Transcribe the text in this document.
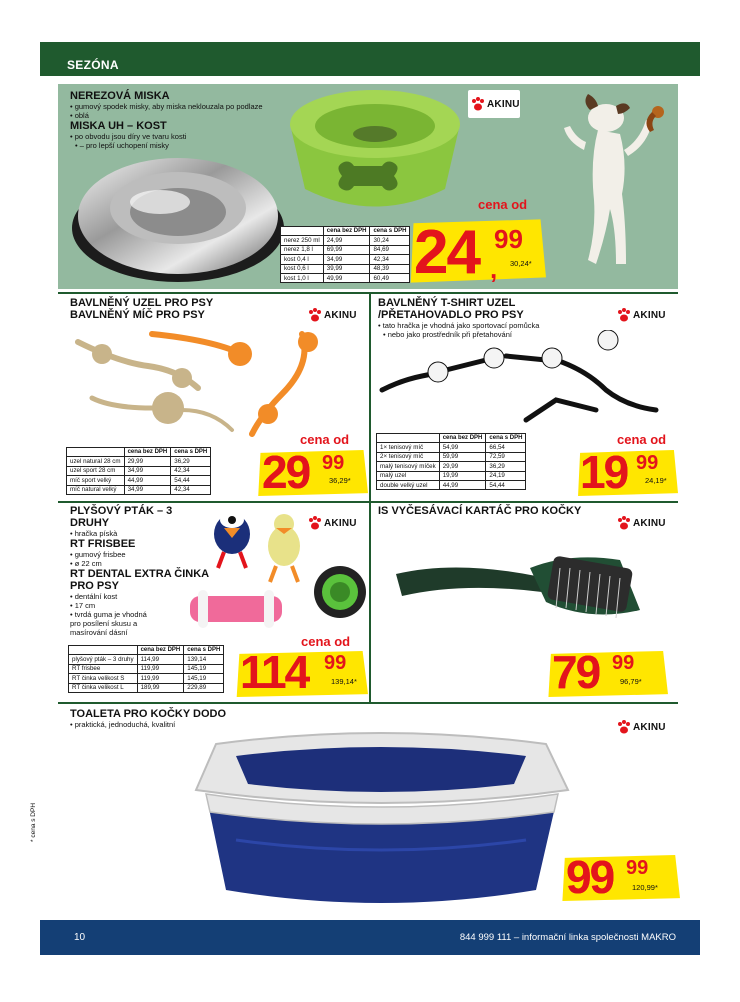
SEZÓNA
NEREZOVÁ MISKA
• gumový spodek misky, aby miska neklouzala po podlaze
• oblá
MISKA UH – KOST
• po obvodu jsou díry ve tvaru kosti
• – pro lepší uchopení misky
AKINU
	cena bez DPH	cena s DPH
nerez 250 ml	24,99	30,24
nerez 1,8 l	69,99	84,69
kost 0,4 l	34,99	42,34
kost 0,6 l	39,99	48,39
kost 1,0 l	49,99	60,49
cena od
24 99
, 30,24*
BAVLNĚNÝ UZEL PRO PSY
BAVLNĚNÝ MÍČ PRO PSY	AKINU
	cena bez DPH	cena s DPH
uzel natural 28 cm	29,99	36,29
uzel sport 28 cm	34,99	42,34
míč sport velký	44,99	54,44
míč natural velký	34,99	42,34
cena od
29 99
36,29*
BAVLNĚNÝ T-SHIRT UZEL
/PŘETAHOVADLO PRO PSY
• tato hračka je vhodná jako sportovací pomůcka
• nebo jako prostředník při přetahování
AKINU
	cena bez DPH	cena s DPH
1× tenisový míč	54,99	66,54
2× tenisový míč	59,99	72,59
malý tenisový míček	29,99	36,29
malý uzel	19,99	24,19
double velký uzel	44,99	54,44
cena od
19 99
24,19*
PLYŠOVÝ PTÁK – 3 DRUHY
• hračka pískà
RT FRISBEE
• gumový frisbee
• ø 22 cm
RT DENTAL EXTRA ČINKA PRO PSY
• dentální kost
• 17 cm
• tvrdá guma je vhodná pro posílení skusu a masírování dásní
AKINU
	cena bez DPH	cena s DPH
plyšový pták – 3 druhy	114,99	139,14
RT frisbee	119,99	145,19
RT činka velikost S	119,99	145,19
RT činka velikost L	189,99	229,89
cena od
114 99
139,14*
IS VYČESÁVACÍ KARTÁČ PRO KOČKY
AKINU
79 99
96,79*
TOALETA PRO KOČKY DODO
• praktická, jednoduchá, kvalitní	AKINU
99 99
120,99*
* cena s DPH
10	844 999 111 – informační linka společnosti MAKRO
